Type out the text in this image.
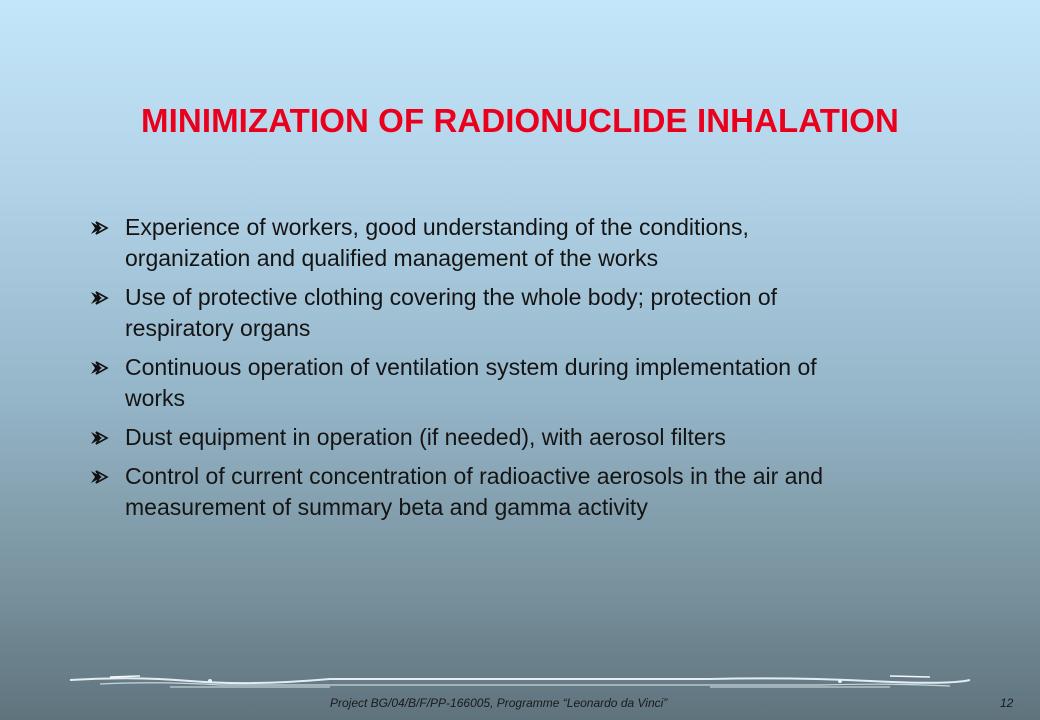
MINIMIZATION OF RADIONUCLIDE INHALATION
Experience of workers, good understanding of the conditions,
organization and qualified management of the works
Use of protective clothing covering the whole body; protection of
respiratory organs
Continuous operation of ventilation system during implementation of
works
Dust equipment in operation (if needed), with aerosol filters
Control of current concentration of radioactive aerosols in the air and
measurement of summary beta and gamma activity
Project BG/04/B/F/PP-166005, Programme “Leonardo da Vinci”	12
